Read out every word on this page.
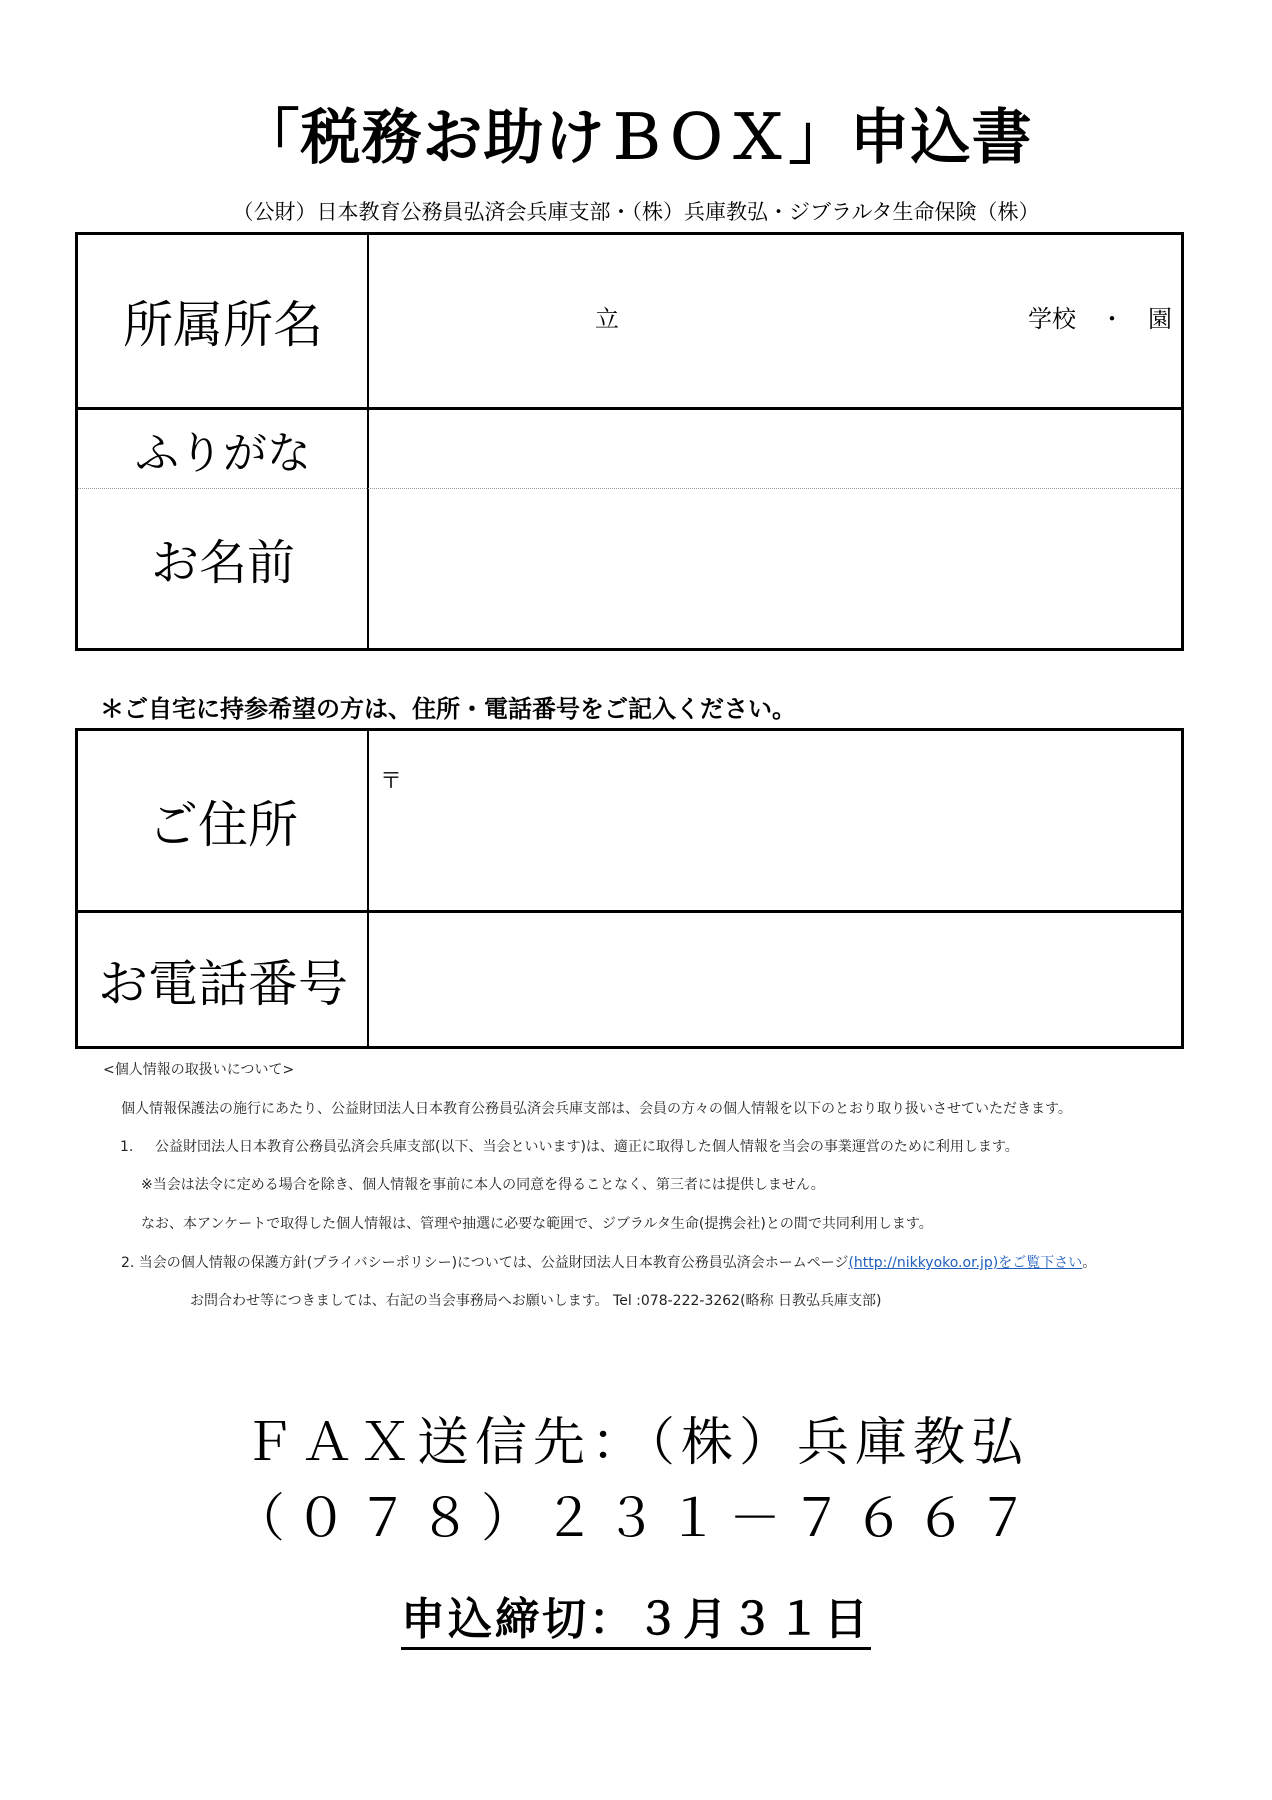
「税務お助けＢＯＸ」申込書
（公財）日本教育公務員弘済会兵庫支部・（株）兵庫教弘・ジブラルタ生命保険（株）
所属所名	立	学校　・　園
ふりがな
お名前
＊ご自宅に持参希望の方は、住所・電話番号をご記入ください。
ご住所
〒
お電話番号
<個人情報の取扱いについて>
個人情報保護法の施行にあたり、公益財団法人日本教育公務員弘済会兵庫支部は、会員の方々の個人情報を以下のとおり取り扱いさせていただきます。
1. 公益財団法人日本教育公務員弘済会兵庫支部(以下、当会といいます)は、適正に取得した個人情報を当会の事業運営のために利用します。
※当会は法令に定める場合を除き、個人情報を事前に本人の同意を得ることなく、第三者には提供しません。
なお、本アンケートで取得した個人情報は、管理や抽選に必要な範囲で、ジブラルタ生命(提携会社)との間で共同利用します。
2. 当会の個人情報の保護方針(プライバシーポリシー)については、公益財団法人日本教育公務員弘済会ホームページ(http://nikkyoko.or.jp)をご覧下さい。
お問合わせ等につきましては、右記の当会事務局へお願いします。 Tel :078-222-3262(略称 日教弘兵庫支部)
ＦＡＸ送信先：（株）兵庫教弘
（０７８）２３１－７６６７
申込締切：３月３１日
